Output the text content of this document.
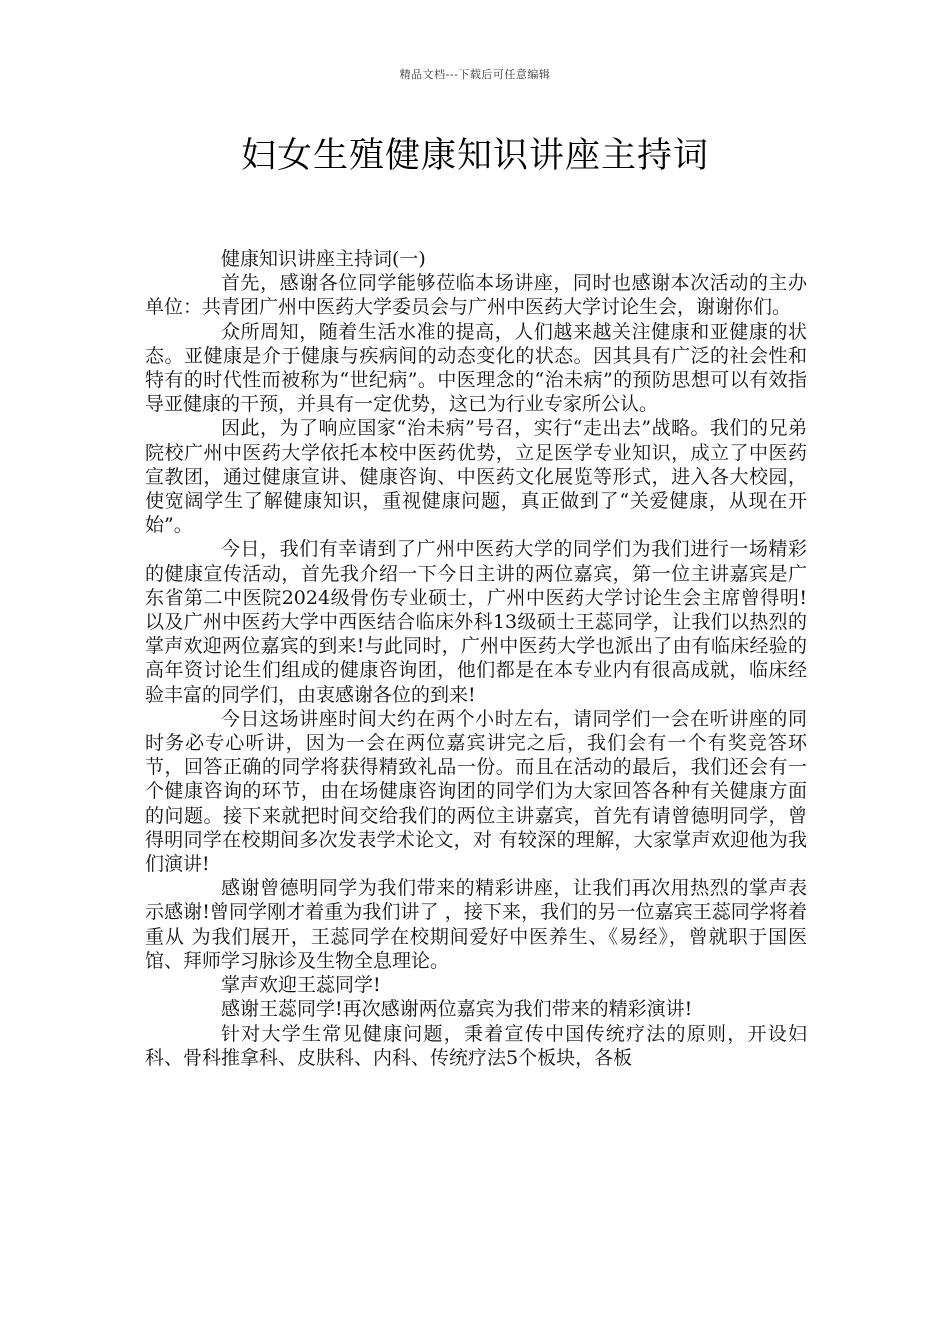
精品文档---下载后可任意编辑
妇女生殖健康知识讲座主持词

健康知识讲座主持词(一)

首先，感谢各位同学能够莅临本场讲座，同时也感谢本次活动的主办单位：共青团广州中医药大学委员会与广州中医药大学讨论生会，谢谢你们。

众所周知，随着生活水准的提高，人们越来越关注健康和亚健康的状态。亚健康是介于健康与疾病间的动态变化的状态。因其具有广泛的社会性和特有的时代性而被称为“世纪病”。中医理念的“治未病”的预防思想可以有效指导亚健康的干预，并具有一定优势，这已为行业专家所公认。

因此，为了响应国家“治未病”号召，实行“走出去”战略。我们的兄弟院校广州中医药大学依托本校中医药优势，立足医学专业知识，成立了中医药宣教团，通过健康宣讲、健康咨询、中医药文化展览等形式，进入各大校园，使宽阔学生了解健康知识，重视健康问题，真正做到了“关爱健康，从现在开始”。

今日，我们有幸请到了广州中医药大学的同学们为我们进行一场精彩的健康宣传活动，首先我介绍一下今日主讲的两位嘉宾，第一位主讲嘉宾是广东省第二中医院2024级骨伤专业硕士，广州中医药大学讨论生会主席曾得明!以及广州中医药大学中西医结合临床外科13级硕士王蕊同学，让我们以热烈的掌声欢迎两位嘉宾的到来!与此同时，广州中医药大学也派出了由有临床经验的高年资讨论生们组成的健康咨询团，他们都是在本专业内有很高成就，临床经验丰富的同学们，由衷感谢各位的到来!

今日这场讲座时间大约在两个小时左右，请同学们一会在听讲座的同时务必专心听讲，因为一会在两位嘉宾讲完之后，我们会有一个有奖竞答环节，回答正确的同学将获得精致礼品一份。而且在活动的最后，我们还会有一个健康咨询的环节，由在场健康咨询团的同学们为大家回答各种有关健康方面的问题。接下来就把时间交给我们的两位主讲嘉宾，首先有请曾德明同学，曾得明同学在校期间多次发表学术论文，对 有较深的理解，大家掌声欢迎他为我们演讲!

感谢曾德明同学为我们带来的精彩讲座，让我们再次用热烈的掌声表示感谢!曾同学刚才着重为我们讲了 ，接下来，我们的另一位嘉宾王蕊同学将着重从 为我们展开，王蕊同学在校期间爱好中医养生、《易经》，曾就职于国医馆、拜师学习脉诊及生物全息理论。

掌声欢迎王蕊同学!

感谢王蕊同学!再次感谢两位嘉宾为我们带来的精彩演讲!

针对大学生常见健康问题，秉着宣传中国传统疗法的原则，开设妇科、骨科推拿科、皮肤科、内科、传统疗法5个板块，各板
